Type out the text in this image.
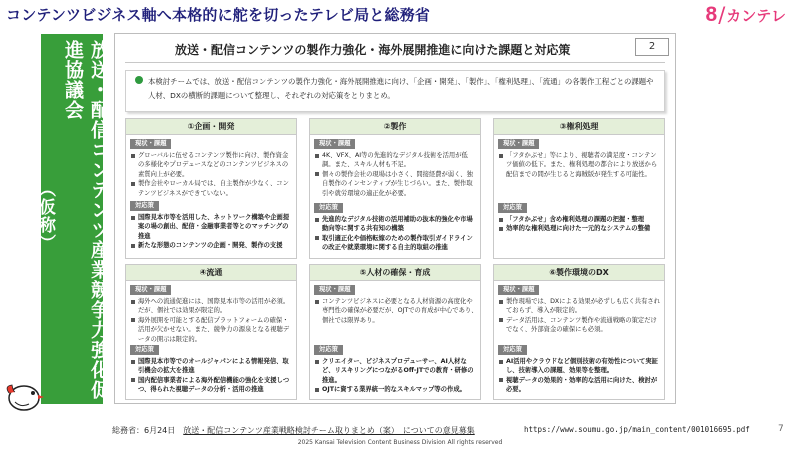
コンテンツビジネス軸へ本格的に舵を切ったテレビ局と総務省	8 / カンテレ
（仮称）	放送・配信コンテンツ産業競争力強化促進協議会	放送・配信コンテンツの製作力強化・海外展開推進に向けた課題と対応策	2
本検討チームでは、放送・配信コンテンツの製作力強化・海外展開推進に向け、「企画・開発」、「製作」、「権利処理」、「流通」の各製作工程ごとの課題や人材、DXの横断的課題について整理し、それぞれの対応策をとりまとめ。
①企画・開発
現状・課題
グローバルに伍せるコンテンツ製作に向け、製作資金の多様化やプロデュースなどのコンテンツビジネスの素質向上が必要。
製作会社やローカル局では、自主製作が少なく、コンテンツビジネスができていない。
対応策
国際見本市等を活用した、ネットワーク構築や企画提案の場の創出、配信・金融事業者等とのマッチングの推進
新たな形態のコンテンツの企画・開発、製作の支援
②製作
現状・課題
4K、VFX、AI等の先進的なデジタル技術を活用が低調。また、スキル人材も不足。
個々の製作会社の現場は小さく、間接経費が弱く、独自製作のインセンティブが生じづらい。また、製作取引や就労環境の適正化が必要。
対応策
先進的なデジタル技術の活用補助の抜本的強化や市場動向等に関する共有知の構築
取引適正化や価格転嫁のための製作取引ガイドラインの改正や就業環境に関する自主的取組の推進
③権利処理
現状・課題
「フタかぶせ」等により、視聴者の満足度・コンテンツ価値の低下。また、権利処理の都合により放送から配信までの間が生じると海賊版が発生する可能性。
対応策
「フタかぶせ」含め権利処理の課題の把握・整理
効率的な権利処理に向けた一元的なシステムの整備
④流通
現状・課題
海外への流通促進には、国際見本市等の活用が必須。だが、個社では効果が限定的。
海外展開を可能とする配信プラットフォームの確保・活用が欠かせない。また、競争力の源泉となる視聴データの開示は限定的。
対応策
国際見本市等でのオールジャパンによる情報発信、取引機会の拡大を推進
国内配信事業者による海外配信機能の強化を支援しつつ、得られた視聴データの分析・活用の推進
⑤人材の確保・育成
現状・課題
コンテンツビジネスに必要となる人材資源の高度化や専門性の確保が必要だが、OJTでの育成が中心であり、個社では限界あり。
対応策
クリエイター、ビジネスプロデューサー、AI人材など、リスキリングにつながるOff-JTでの教育・研修の推進。
OJTに資する業界統一的なスキルマップ等の作成。
⑥製作環境のDX
現状・課題
製作現場では、DXによる効果が必ずしも広く共有されておらず、導入が限定的。
データ活用は、コンテンツ製作や流通戦略の策定だけでなく、外部資金の確保にも必須。
対応策
AI活用やクラウドなど個別技術の有効性について実証し、技術導入の課題、効果等を整理。
視聴データの効果的・効率的な活用に向けた、検討が必要。
総務省：6月24日　 放送・配信コンテンツ産業戦略検討チーム取りまとめ（案）　についての意見募集	https://www.soumu.go.jp/main_content/001016695.pdf	7
2025 Kansai Television Content Business Division All rights reserved
